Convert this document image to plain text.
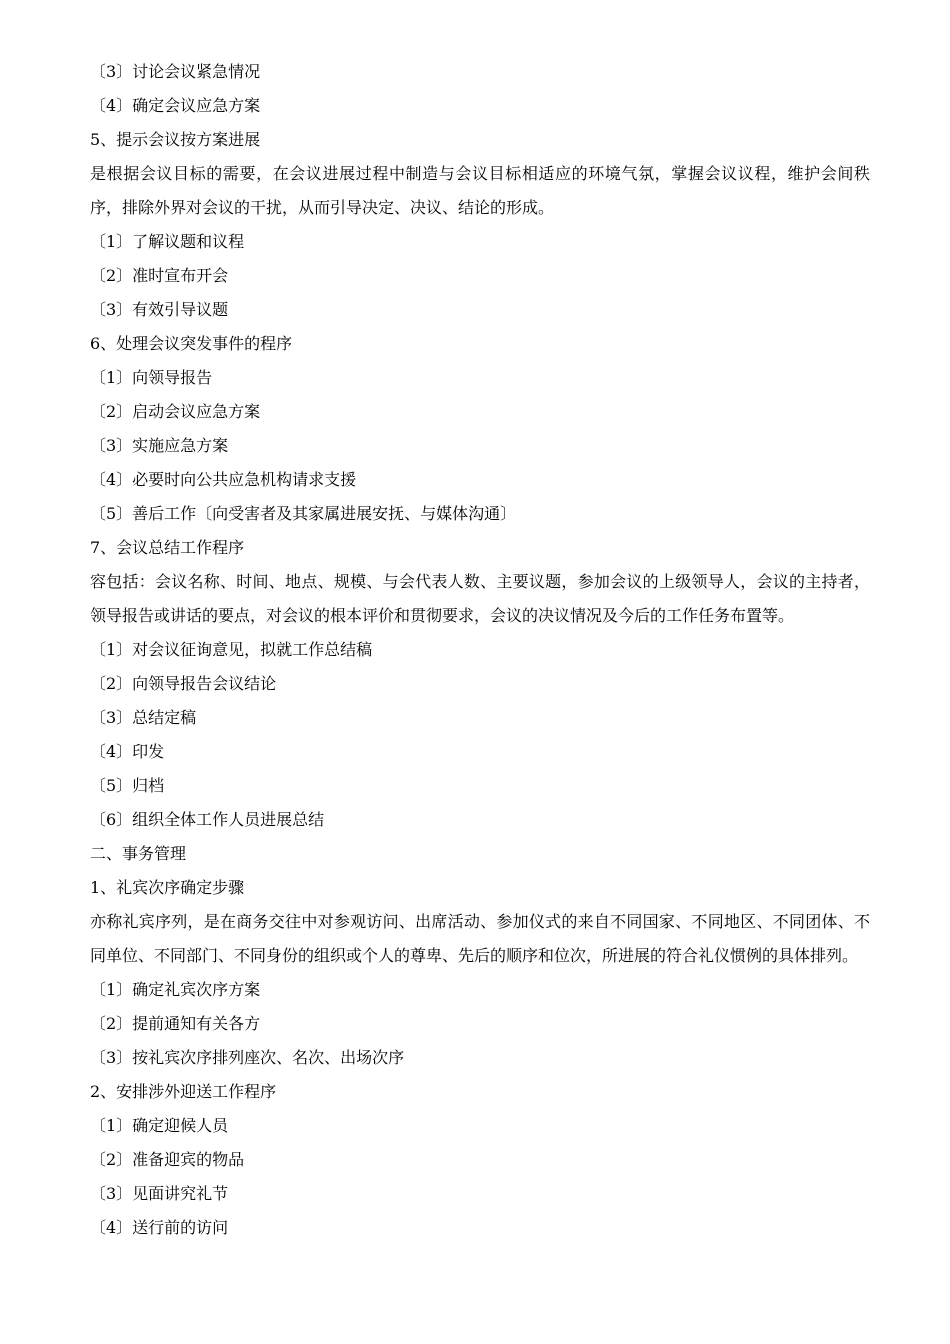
〔3〕讨论会议紧急情况
〔4〕确定会议应急方案
5、提示会议按方案进展
是根据会议目标的需要，在会议进展过程中制造与会议目标相适应的环境气氛，掌握会议议程，维护会间秩序，排除外界对会议的干扰，从而引导决定、决议、结论的形成。
〔1〕了解议题和议程
〔2〕准时宣布开会
〔3〕有效引导议题
6、处理会议突发事件的程序
〔1〕向领导报告
〔2〕启动会议应急方案
〔3〕实施应急方案
〔4〕必要时向公共应急机构请求支援
〔5〕善后工作〔向受害者及其家属进展安抚、与媒体沟通〕
7、会议总结工作程序
容包括：会议名称、时间、地点、规模、与会代表人数、主要议题，参加会议的上级领导人，会议的主持者，领导报告或讲话的要点，对会议的根本评价和贯彻要求，会议的决议情况及今后的工作任务布置等。
〔1〕对会议征询意见，拟就工作总结稿
〔2〕向领导报告会议结论
〔3〕总结定稿
〔4〕印发
〔5〕归档
〔6〕组织全体工作人员进展总结
二、事务管理
1、礼宾次序确定步骤
亦称礼宾序列，是在商务交往中对参观访问、出席活动、参加仪式的来自不同国家、不同地区、不同团体、不同单位、不同部门、不同身份的组织或个人的尊卑、先后的顺序和位次，所进展的符合礼仪惯例的具体排列。
〔1〕确定礼宾次序方案
〔2〕提前通知有关各方
〔3〕按礼宾次序排列座次、名次、出场次序
2、安排涉外迎送工作程序
〔1〕确定迎候人员
〔2〕准备迎宾的物品
〔3〕见面讲究礼节
〔4〕送行前的访问
